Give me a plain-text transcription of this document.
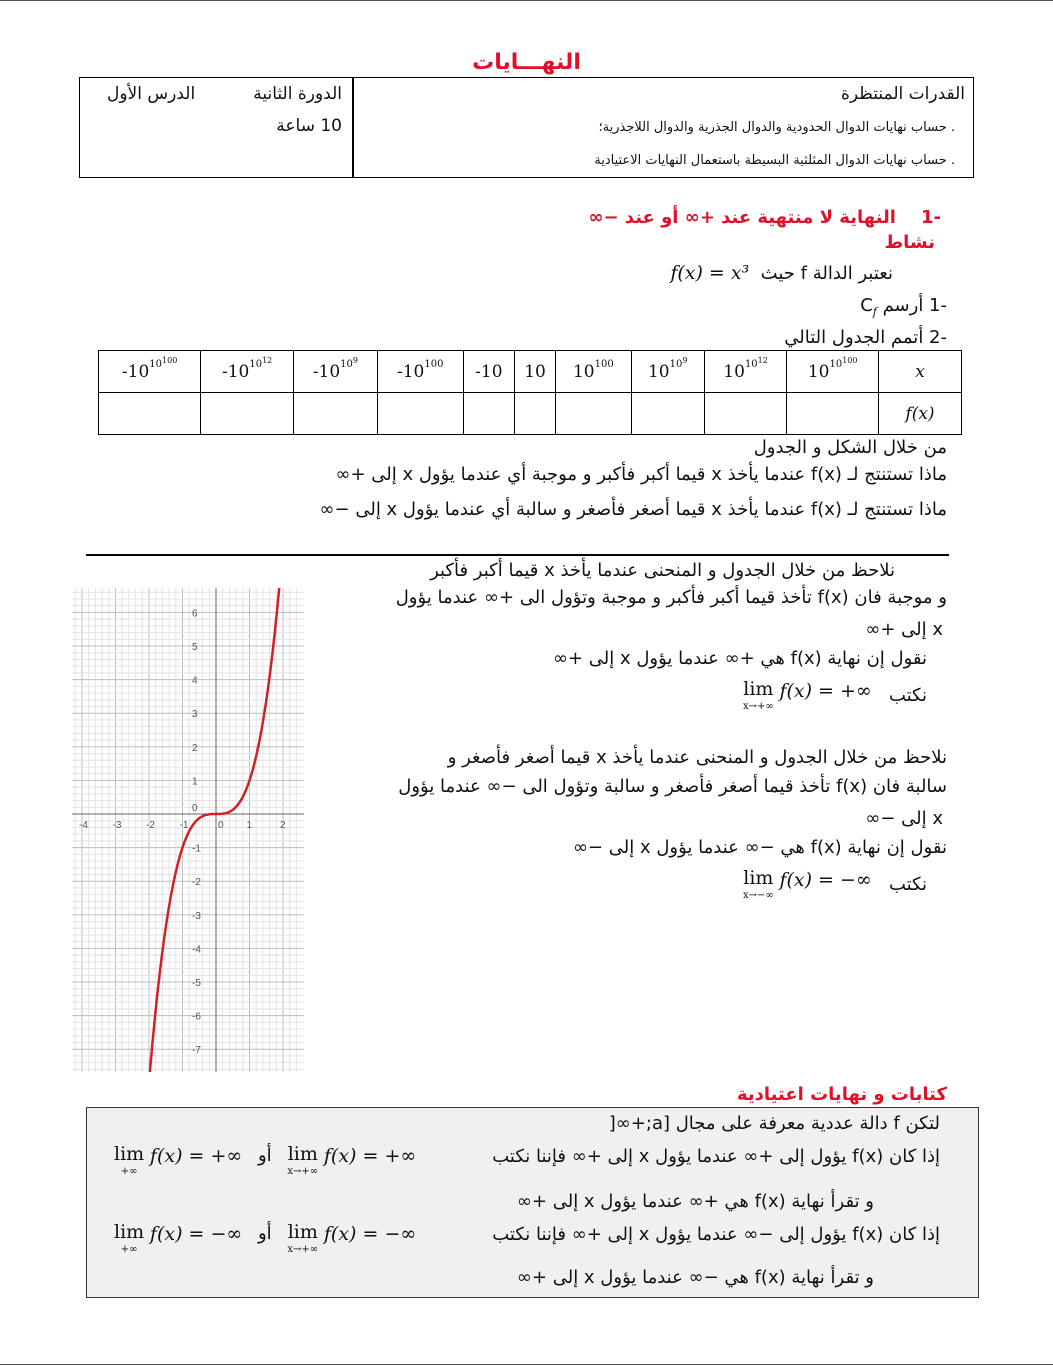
النهـــايات
القدرات المنتظرة
. حساب نهايات الدوال الحدودية والدوال الجذرية والدوال اللاجذرية؛
. حساب نهايات الدوال المثلثية البسيطة باستعمال النهايات الاعتيادية
الدرس الأول	الدورة الثانية
10 ساعة
-1    النهاية لا منتهية عند +∞ أو عند −∞
نشاط
نعتبر الدالة f حيث  f(x) = x³
-1 أرسم $C_f$
-2 أتمم الجدول التالي
x	$10^{10^{100}}$	$10^{10^{12}}$	$10^{10^9}$	$10^{100}$	10	-10	$-10^{100}$	$-10^{10^9}$	$-10^{10^{12}}$	$-10^{10^{100}}$
f(x)										
من خلال الشكل و الجدول
ماذا تستنتج لـ f(x) عندما يأخذ x قيما أكبر فأكبر و موجبة أي عندما يؤول x إلى +∞
ماذا تستنتج لـ f(x) عندما يأخذ x قيما أصغر فأصغر و سالبة أي عندما يؤول x إلى −∞
-4 -3 -2 -1	0 1	2
6
5
4
3
2
1
0
-1
-2
-3
-4
-5
-6
-7
نلاحظ من خلال الجدول و المنحنى عندما يأخذ x قيما أكبر فأكبر
و موجبة فان f(x) تأخذ قيما أكبر فأكبر و موجبة وتؤول الى +∞ عندما يؤول
x إلى +∞
نقول إن نهاية f(x) هي +∞ عندما يؤول x إلى +∞
نكتب
lim
x→+∞
f(x) = +∞
نلاحظ من خلال الجدول و المنحنى عندما يأخذ x قيما أصغر فأصغر و
سالبة فان f(x) تأخذ قيما أصغر فأصغر و سالبة وتؤول الى −∞ عندما يؤول
x إلى −∞
نقول إن نهاية f(x) هي −∞ عندما يؤول x إلى −∞
نكتب
lim
x→−∞
f(x) = −∞
كتابات و نهايات اعتيادية
لتكن f دالة عددية معرفة على مجال [a;+∞[
إذا كان f(x) يؤول إلى +∞ عندما يؤول x إلى +∞ فإننا نكتب
lim
+∞
f(x) = +∞ أو lim
x→+∞
f(x) = +∞
و تقرأ نهاية f(x) هي +∞ عندما يؤول x إلى +∞
إذا كان f(x) يؤول إلى −∞ عندما يؤول x إلى +∞ فإننا نكتب
lim
+∞
f(x) = −∞ أو lim
x→+∞
f(x) = −∞
و تقرأ نهاية f(x) هي −∞ عندما يؤول x إلى +∞
